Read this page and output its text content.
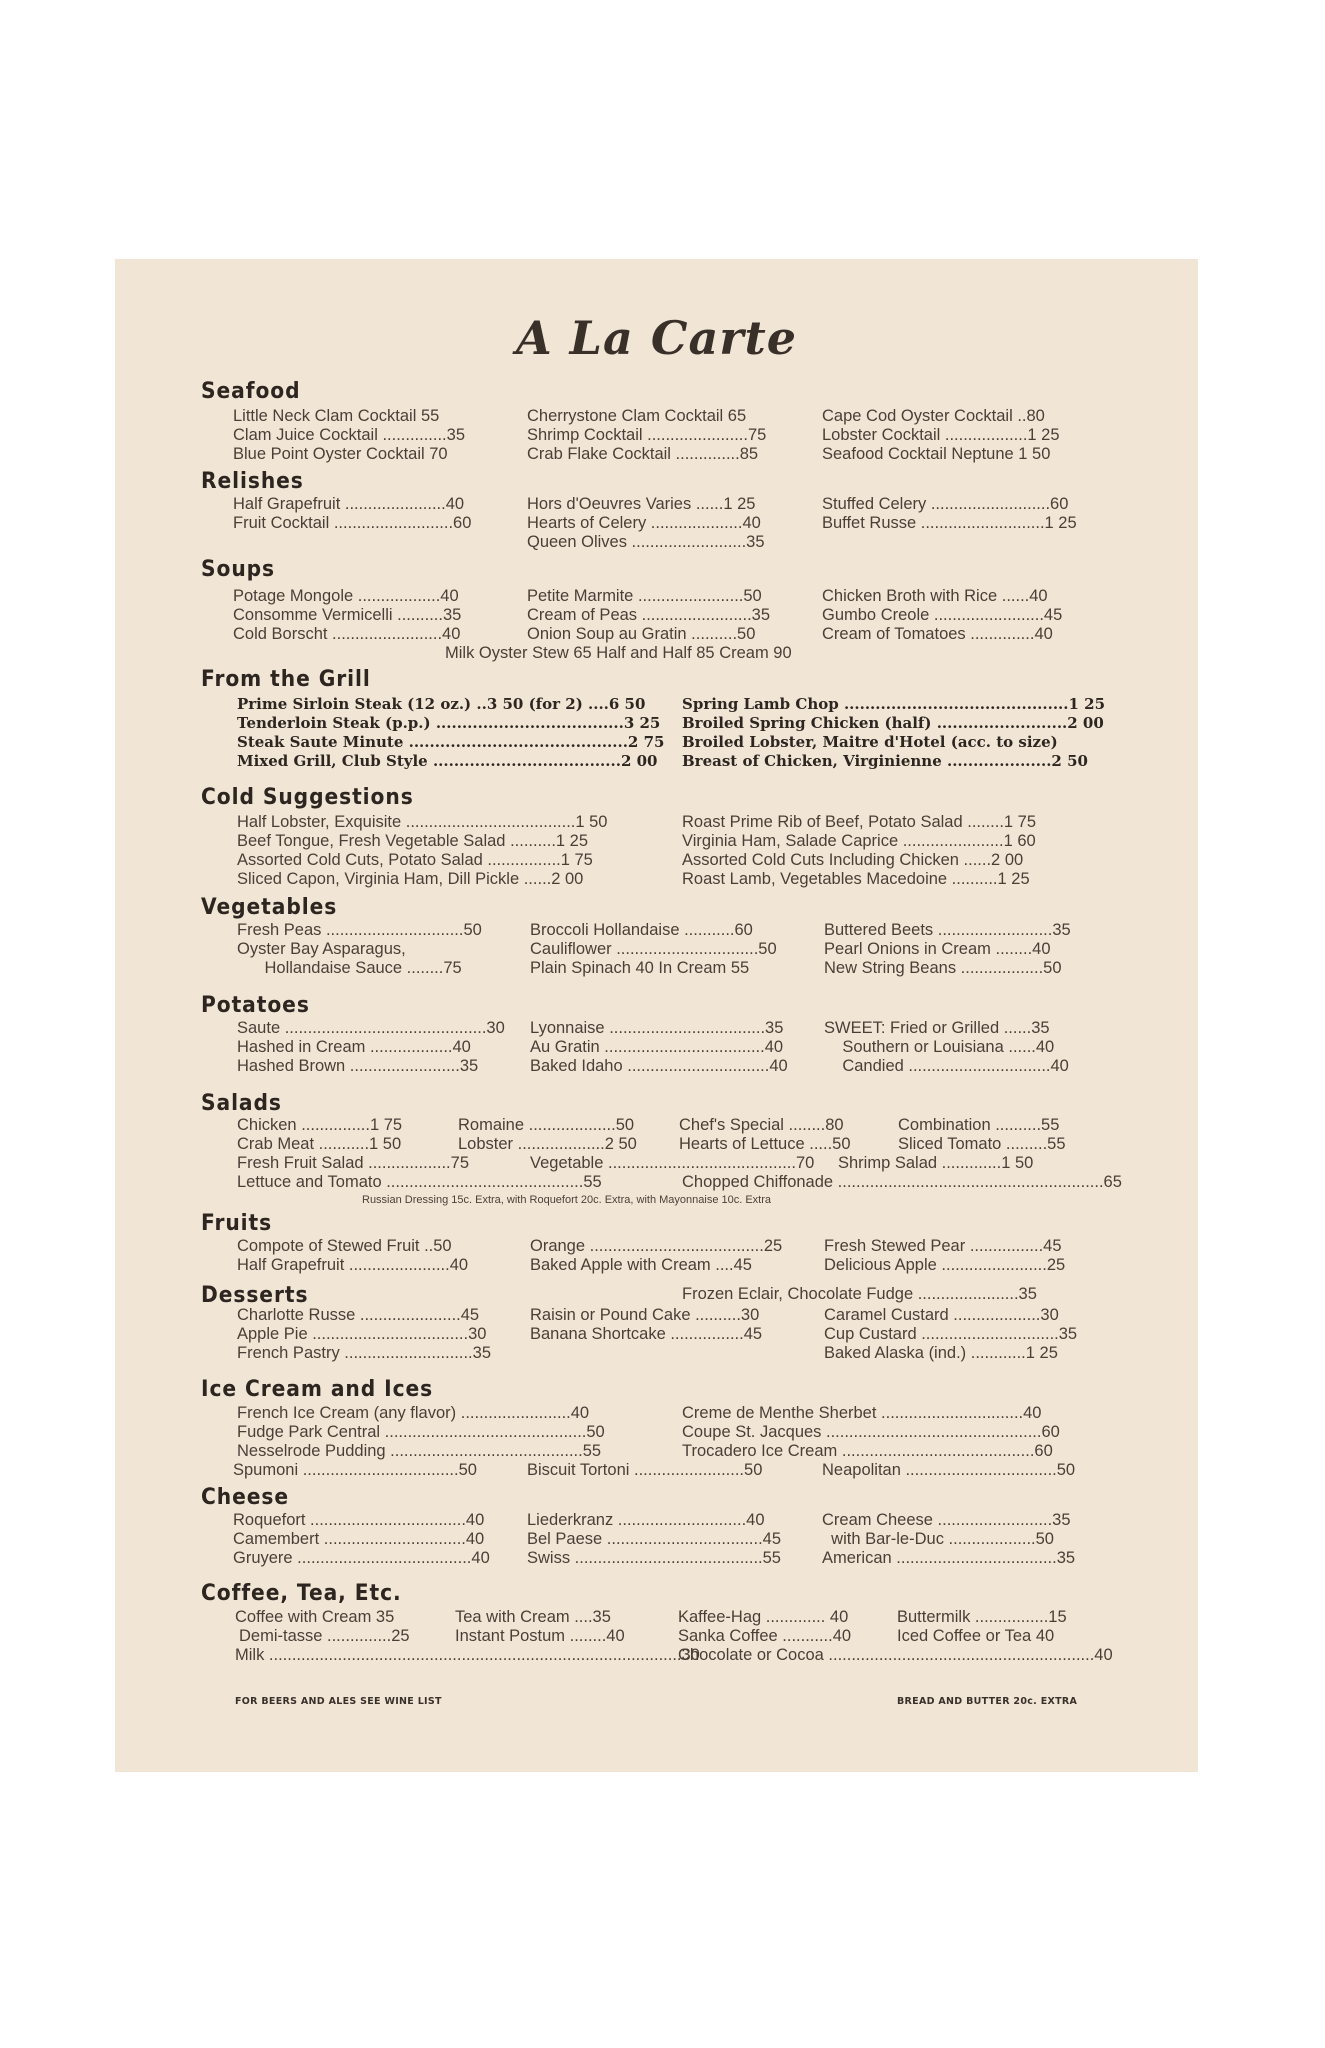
A La Carte
Seafood
Little Neck Clam Cocktail 55
Clam Juice Cocktail ..............35
Blue Point Oyster Cocktail 70
Cherrystone Clam Cocktail 65
Shrimp Cocktail ......................75
Crab Flake Cocktail ..............85
Cape Cod Oyster Cocktail ..80
Lobster Cocktail ..................1 25
Seafood Cocktail Neptune 1 50
Relishes
Half Grapefruit ......................40
Fruit Cocktail ..........................60
Hors d'Oeuvres Varies ......1 25
Hearts of Celery ....................40
Queen Olives .........................35
Stuffed Celery ..........................60
Buffet Russe ...........................1 25
Soups
Potage Mongole ..................40
Consomme Vermicelli ..........35
Cold Borscht ........................40
Petite Marmite .......................50
Cream of Peas ........................35
Onion Soup au Gratin ..........50
Chicken Broth with Rice ......40
Gumbo Creole ........................45
Cream of Tomatoes ..............40
Milk Oyster Stew 65 Half and Half 85 Cream 90
From the Grill
Prime Sirloin Steak (12 oz.) ..3 50 (for 2) ....6 50
Tenderloin Steak (p.p.) ....................................3 25
Steak Saute Minute ..........................................2 75
Mixed Grill, Club Style ....................................2 00
Spring Lamb Chop ...........................................1 25
Broiled Spring Chicken (half) .........................2 00
Broiled Lobster, Maitre d'Hotel (acc. to size)
Breast of Chicken, Virginienne ....................2 50
Cold Suggestions
Half Lobster, Exquisite .....................................1 50
Beef Tongue, Fresh Vegetable Salad ..........1 25
Assorted Cold Cuts, Potato Salad ................1 75
Sliced Capon, Virginia Ham, Dill Pickle ......2 00
Roast Prime Rib of Beef, Potato Salad ........1 75
Virginia Ham, Salade Caprice ......................1 60
Assorted Cold Cuts Including Chicken ......2 00
Roast Lamb, Vegetables Macedoine ..........1 25
Vegetables
Fresh Peas ..............................50
Oyster Bay Asparagus,
Hollandaise Sauce ........75
Broccoli Hollandaise ...........60
Cauliflower ...............................50
Plain Spinach 40 In Cream 55
Buttered Beets .........................35
Pearl Onions in Cream ........40
New String Beans ..................50
Potatoes
Saute ............................................30
Hashed in Cream ..................40
Hashed Brown ........................35
Lyonnaise ..................................35
Au Gratin ...................................40
Baked Idaho ...............................40
SWEET: Fried or Grilled ......35
Southern or Louisiana ......40
Candied ...............................40
Salads
Chicken ...............1 75
Crab Meat ...........1 50
Fresh Fruit Salad ..................75
Romaine ...................50
Lobster ...................2 50
Vegetable .........................................70
Chef's Special ........80
Hearts of Lettuce .....50
Combination ..........55
Sliced Tomato .........55
Shrimp Salad .............1 50
Lettuce and Tomato ...........................................55	Chopped Chiffonade ..........................................................65
Russian Dressing 15c. Extra, with Roquefort 20c. Extra, with Mayonnaise 10c. Extra
Fruits
Compote of Stewed Fruit ..50
Half Grapefruit ......................40
Orange ......................................25
Baked Apple with Cream ....45
Fresh Stewed Pear ................45
Delicious Apple .......................25
Desserts	Frozen Eclair, Chocolate Fudge ......................35
Charlotte Russe ......................45
Apple Pie ..................................30
French Pastry ............................35
Raisin or Pound Cake ..........30
Banana Shortcake ................45
Caramel Custard ...................30
Cup Custard ..............................35
Baked Alaska (ind.) ............1 25
Ice Cream and Ices
French Ice Cream (any flavor) ........................40
Fudge Park Central ............................................50
Nesselrode Pudding ..........................................55
Creme de Menthe Sherbet ...............................40
Coupe St. Jacques ...............................................60
Trocadero Ice Cream ..........................................60
Spumoni ..................................50	Biscuit Tortoni ........................50	Neapolitan .................................50
Cheese
Roquefort ..................................40
Camembert ...............................40
Gruyere ......................................40
Liederkranz ............................40
Bel Paese ..................................45
Swiss .........................................55
Cream Cheese .........................35
with Bar-le-Duc ...................50
American ...................................35
Coffee, Tea, Etc.
Coffee with Cream 35
Demi-tasse ..............25
Tea with Cream ....35
Instant Postum ........40
Kaffee-Hag ............. 40
Sanka Coffee ...........40
Buttermilk ................15
Iced Coffee or Tea 40
Milk ..........................................................................................30
Chocolate or Cocoa ..........................................................40
FOR BEERS AND ALES SEE WINE LIST	BREAD AND BUTTER 20c. EXTRA
